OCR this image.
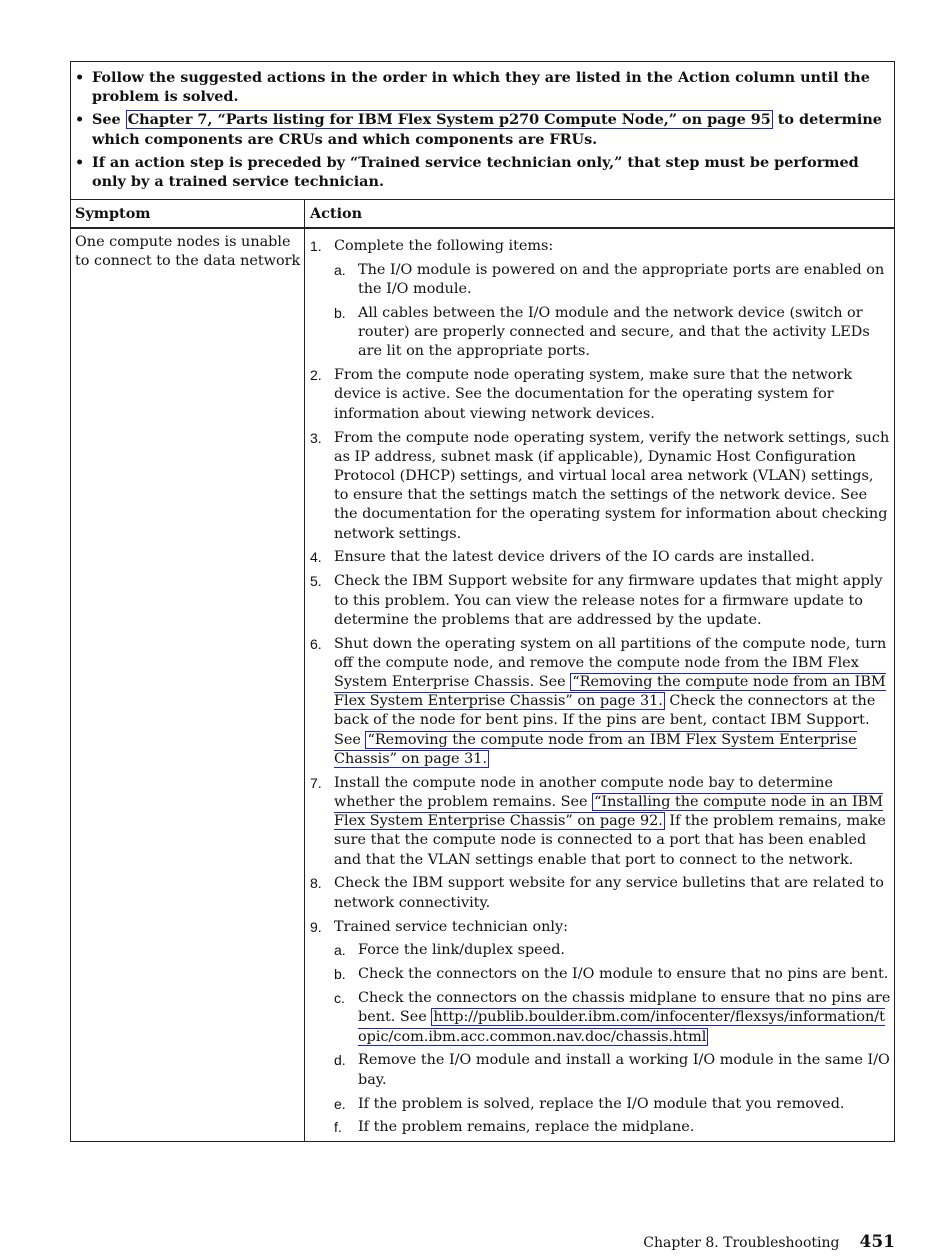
• Follow the suggested actions in the order in which they are listed in the Action column until the problem is solved.
• See Chapter 7, “Parts listing for IBM Flex System p270 Compute Node,” on page 95 to determine which components are CRUs and which components are FRUs.
• If an action step is preceded by “Trained service technician only,” that step must be performed only by a trained service technician.
Symptom	Action
One compute nodes is unable to connect to the data network
1. Complete the following items:
a. The I/O module is powered on and the appropriate ports are enabled on the I/O module.
b. All cables between the I/O module and the network device (switch or router) are properly connected and secure, and that the activity LEDs are lit on the appropriate ports.
2. From the compute node operating system, make sure that the network device is active. See the documentation for the operating system for information about viewing network devices.
3. From the compute node operating system, verify the network settings, such as IP address, subnet mask (if applicable), Dynamic Host Configuration Protocol (DHCP) settings, and virtual local area network (VLAN) settings, to ensure that the settings match the settings of the network device. See the documentation for the operating system for information about checking network settings.
4. Ensure that the latest device drivers of the IO cards are installed.
5. Check the IBM Support website for any firmware updates that might apply to this problem. You can view the release notes for a firmware update to determine the problems that are addressed by the update.
6. Shut down the operating system on all partitions of the compute node, turn off the compute node, and remove the compute node from the IBM Flex System Enterprise Chassis. See “Removing the compute node from an IBM Flex System Enterprise Chassis” on page 31. Check the connectors at the back of the node for bent pins. If the pins are bent, contact IBM Support. See “Removing the compute node from an IBM Flex System Enterprise Chassis” on page 31.
7. Install the compute node in another compute node bay to determine whether the problem remains. See “Installing the compute node in an IBM Flex System Enterprise Chassis” on page 92. If the problem remains, make sure that the compute node is connected to a port that has been enabled and that the VLAN settings enable that port to connect to the network.
8. Check the IBM support website for any service bulletins that are related to network connectivity.
9. Trained service technician only:
a. Force the link/duplex speed.
b. Check the connectors on the I/O module to ensure that no pins are bent.
c. Check the connectors on the chassis midplane to ensure that no pins are bent. See http://publib.boulder.ibm.com/infocenter/flexsys/information/topic/com.ibm.acc.common.nav.doc/chassis.html
d. Remove the I/O module and install a working I/O module in the same I/O bay.
e. If the problem is solved, replace the I/O module that you removed.
f.	If the problem remains, replace the midplane.
Chapter 8. Troubleshooting 451
